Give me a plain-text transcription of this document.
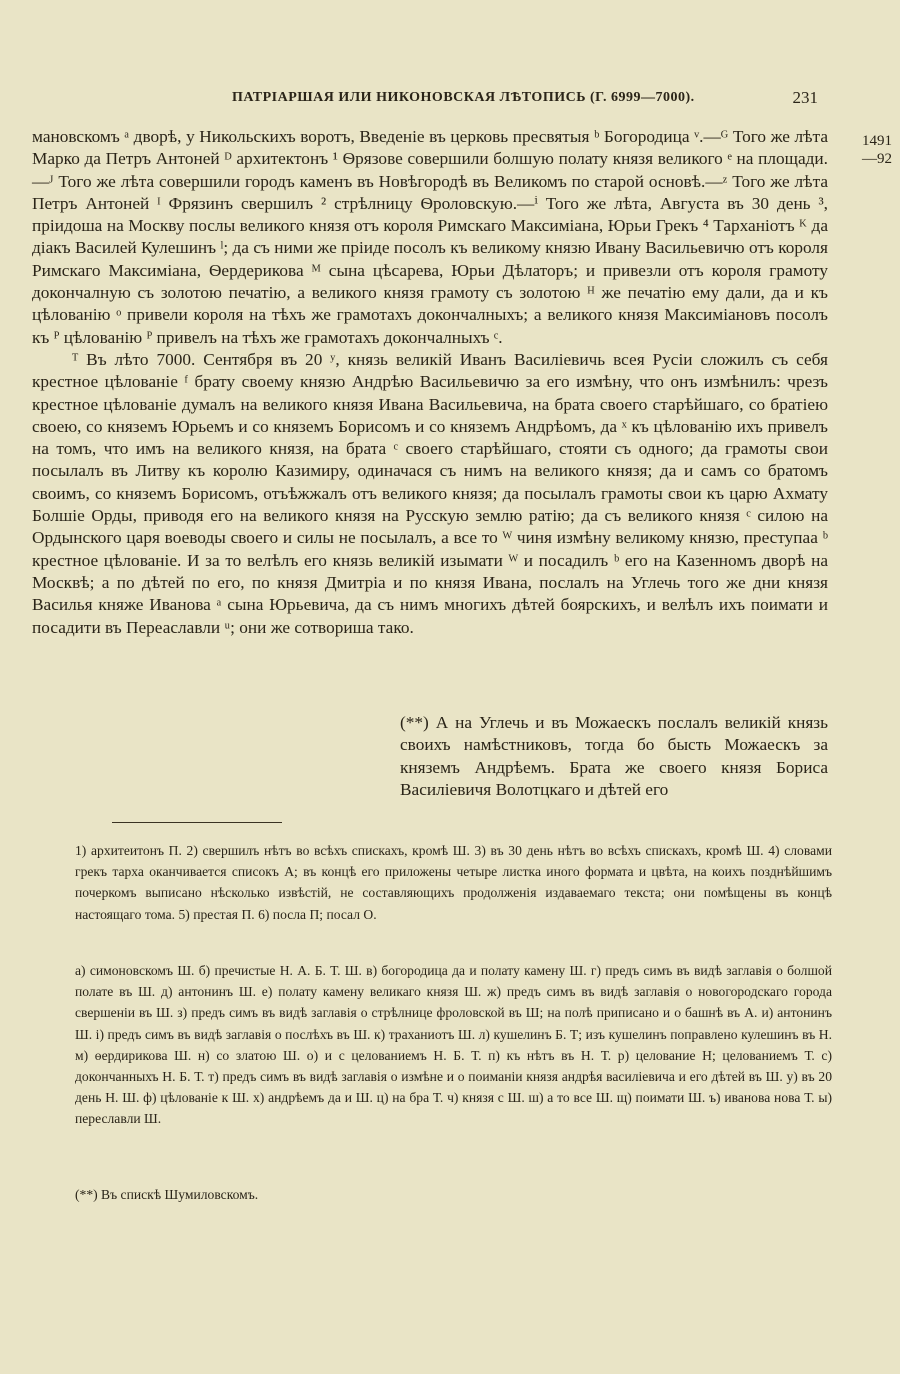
ПАТРІАРШАЯ ИЛИ НИКОНОВСКАЯ ЛѢТОПИСЬ (Г. 6999—7000).	231
1491
—92

мановскомъ ᵃ дворѣ, у Никольскихъ воротъ, Введеніе въ церковь пресвятыя ᵇ Богородица ᵛ.—ᴳ Того же лѣта Марко да Петръ Антоней ᴰ архитектонъ ¹ Ѳрязове совершили болшую полату князя великого ᵉ на площади.—ᴶ Того же лѣта совершили городъ каменъ въ Новѣгородѣ въ Великомъ по старой основѣ.—ᶻ Того же лѣта Петръ Антоней ᴵ Фрязинъ свершилъ ² стрѣлницу Ѳроловскую.—ⁱ Того же лѣта, Августа въ 30 день ³, пріидоша на Москву послы великого князя отъ короля Римскаго Максиміана, Юрьи Грекъ ⁴ Тарханіотъ ᴷ да діакъ Василей Кулешинъ ˡ; да съ ними же пріиде посолъ къ великому князю Ивану Васильевичю отъ короля Римскаго Максиміана, Ѳердерикова ᴹ сына цѣсарева, Юрьи Дѣлаторъ; и привезли отъ короля грамоту докончалную съ золотою печатію, а великого князя грамоту съ золотою ᴴ же печатію ему дали, да и къ цѣлованію ᵒ привели короля на тѣхъ же грамотахъ докончалныхъ; а великого князя Максиміановъ посолъ къ ᴾ цѣлованію ᴾ привелъ на тѣхъ же грамотахъ докончалныхъ ᶜ.

ᵀ Въ лѣто 7000. Сентября въ 20 ʸ, князь великій Иванъ Василіевичь всея Русіи сложилъ съ себя крестное цѣлованіе ᶠ брату своему князю Андрѣю Васильевичю за его измѣну, что онъ измѣнилъ: чрезъ крестное цѣлованіе думалъ на великого князя Ивана Васильевича, на брата своего старѣйшаго, со братіею своею, со княземъ Юрьемъ и со княземъ Борисомъ и со княземъ Андрѣомъ, да ˣ къ цѣлованію ихъ привелъ на томъ, что имъ на великого князя, на брата ᶜ своего старѣйшаго, стояти съ одного; да грамоты свои посылалъ въ Литву къ королю Казимиру, одиначася съ нимъ на великого князя; да и самъ со братомъ своимъ, со княземъ Борисомъ, отъѣжжалъ отъ великого князя; да посылалъ грамоты свои къ царю Ахмату Болшіе Орды, приводя его на великого князя на Русскую землю ратію; да съ великого князя ᶜ силою на Ордынского царя воеводы своего и силы не посылалъ, а все то ᵂ чиня измѣну великому князю, преступаа ᵇ крестное цѣлованіе. И за то велѣлъ его князь великій изымати ᵂ и посадилъ ᵇ его на Казенномъ дворѣ на Москвѣ; а по дѣтей по его, по князя Дмитріа и по князя Ивана, послалъ на Углечь того же дни князя Василья княже Иванова ᵃ сына Юрьевича, да съ нимъ многихъ дѣтей боярскихъ, и велѣлъ ихъ поимати и посадити въ Переаславли ᵘ; они же сотвориша тако.

(**) А на Углечь и въ Можаескъ послалъ великій князь своихъ намѣстниковъ, тогда бо бысть Можаескъ за княземъ Андрѣемъ. Брата же своего князя Бориса Василіевичя Волотцкаго и дѣтей его
1) архитеитонъ П. 2) свершилъ нѣтъ во всѣхъ спискахъ, кромѣ Ш. 3) въ 30 день нѣтъ во всѣхъ спискахъ, кромѣ Ш. 4) словами грекъ тарха оканчивается списокъ А; въ концѣ его приложены четыре листка иного формата и цвѣта, на коихъ позднѣйшимъ почеркомъ выписано нѣсколько извѣстій, не составляющихъ продолженія издаваемаго текста; они помѣщены въ концѣ настоящаго тома. 5) престая П. 6) посла П; посал О.
а) симоновскомъ Ш. б) пречистые Н. А. Б. Т. Ш. в) богородица да и полату камену Ш. г) предъ симъ въ видѣ заглавія о болшой полате въ Ш. д) антонинъ Ш. е) полату камену великаго князя Ш. ж) предъ симъ въ видѣ заглавія о новогородскаго города свершеніи въ Ш. з) предъ симъ въ видѣ заглавія о стрѣлнице фроловской въ Ш; на полѣ приписано и о башнѣ въ А. и) антонинъ Ш. і) предъ симъ въ видѣ заглавія о послѣхъ въ Ш. к) траханиотъ Ш. л) кушелинъ Б. Т; изъ кушелинъ поправлено кулешинъ въ Н. м) ѳердирикова Ш. н) со златою Ш. о) и с целованиемъ Н. Б. Т. п) къ нѣтъ въ Н. Т. р) целование Н; целованиемъ Т. с) докончанныхъ Н. Б. Т. т) предъ симъ въ видѣ заглавія о измѣне и о поиманіи князя андрѣя василіевича и его дѣтей въ Ш. у) въ 20 день Н. Ш. ф) цѣлованіе к Ш. х) андрѣемъ да и Ш. ц) на бра Т. ч) князя с Ш. ш) а то все Ш. щ) поимати Ш. ъ) иванова нова Т. ы) переславли Ш.
(**) Въ спискѣ Шумиловскомъ.
